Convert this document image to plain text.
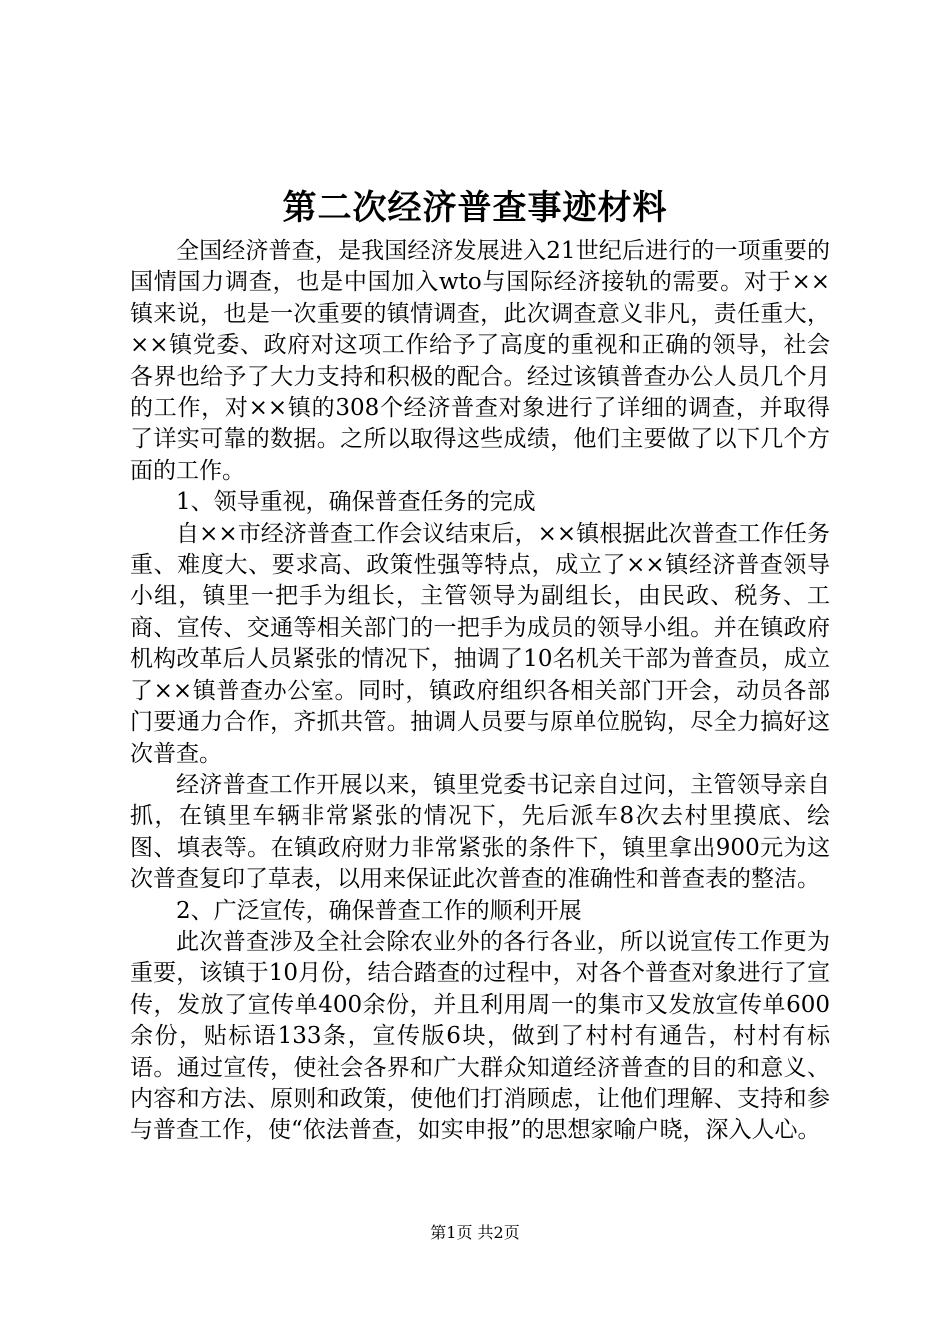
第二次经济普查事迹材料

全国经济普查，是我国经济发展进入21世纪后进行的一项重要的国情国力调查，也是中国加入wto与国际经济接轨的需要。对于××镇来说，也是一次重要的镇情调查，此次调查意义非凡，责任重大，××镇党委、政府对这项工作给予了高度的重视和正确的领导，社会各界也给予了大力支持和积极的配合。经过该镇普查办公人员几个月的工作，对××镇的308个经济普查对象进行了详细的调查，并取得了详实可靠的数据。之所以取得这些成绩，他们主要做了以下几个方面的工作。

1、领导重视，确保普查任务的完成

自××市经济普查工作会议结束后，××镇根据此次普查工作任务重、难度大、要求高、政策性强等特点，成立了××镇经济普查领导小组，镇里一把手为组长，主管领导为副组长，由民政、税务、工商、宣传、交通等相关部门的一把手为成员的领导小组。并在镇政府机构改革后人员紧张的情况下，抽调了10名机关干部为普查员，成立了××镇普查办公室。同时，镇政府组织各相关部门开会，动员各部门要通力合作，齐抓共管。抽调人员要与原单位脱钩，尽全力搞好这次普查。

经济普查工作开展以来，镇里党委书记亲自过问，主管领导亲自抓，在镇里车辆非常紧张的情况下，先后派车8次去村里摸底、绘图、填表等。在镇政府财力非常紧张的条件下，镇里拿出900元为这次普查复印了草表，以用来保证此次普查的准确性和普查表的整洁。

2、广泛宣传，确保普查工作的顺利开展

此次普查涉及全社会除农业外的各行各业，所以说宣传工作更为重要，该镇于10月份，结合踏查的过程中，对各个普查对象进行了宣传，发放了宣传单400余份，并且利用周一的集市又发放宣传单600余份，贴标语133条，宣传版6块，做到了村村有通告，村村有标语。通过宣传，使社会各界和广大群众知道经济普查的目的和意义、内容和方法、原则和政策，使他们打消顾虑，让他们理解、支持和参与普查工作，使“依法普查，如实申报”的思想家喻户晓，深入人心。

第1页 共2页
